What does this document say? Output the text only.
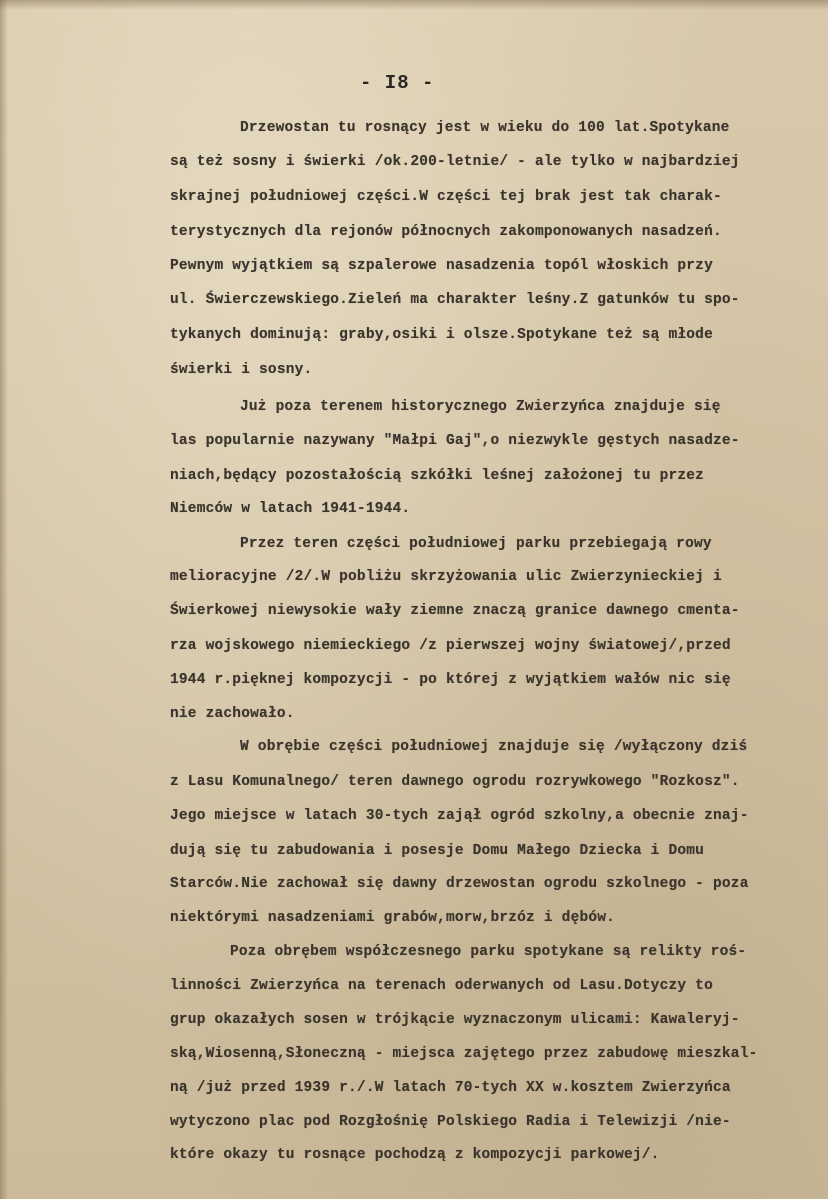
- I8 -
Drzewostan tu rosnący jest w wieku do 100 lat.Spotykane
są też sosny i świerki /ok.200-letnie/ - ale tylko w najbardziej
skrajnej południowej części.W części tej brak jest tak charak-
terystycznych dla rejonów północnych zakomponowanych nasadzeń.
Pewnym wyjątkiem są szpalerowe nasadzenia topól włoskich przy
ul. Świerczewskiego.Zieleń ma charakter leśny.Z gatunków tu spo-
tykanych dominują: graby,osiki i olsze.Spotykane też są młode
świerki i sosny.
Już poza terenem historycznego Zwierzyńca znajduje się
las popularnie nazywany "Małpi Gaj",o niezwykle gęstych nasadze-
niach,będący pozostałością szkółki leśnej założonej tu przez
Niemców w latach 1941-1944.
Przez teren części południowej parku przebiegają rowy
melioracyjne /2/.W pobliżu skrzyżowania ulic Zwierzynieckiej i
Świerkowej niewysokie wały ziemne znaczą granice dawnego cmenta-
rza wojskowego niemieckiego /z pierwszej wojny światowej/,przed
1944 r.pięknej kompozycji - po której z wyjątkiem wałów nic się
nie zachowało.
W obrębie części południowej znajduje się /wyłączony dziś
z Lasu Komunalnego/ teren dawnego ogrodu rozrywkowego "Rozkosz".
Jego miejsce w latach 30-tych zajął ogród szkolny,a obecnie znaj-
dują się tu zabudowania i posesje Domu Małego Dziecka i Domu
Starców.Nie zachował się dawny drzewostan ogrodu szkolnego - poza
niektórymi nasadzeniami grabów,morw,brzóz i dębów.
Poza obrębem współczesnego parku spotykane są relikty roś-
linności Zwierzyńca na terenach oderwanych od Lasu.Dotyczy to
grup okazałych sosen w trójkącie wyznaczonym ulicami: Kawaleryj-
ską,Wiosenną,Słoneczną - miejsca zajętego przez zabudowę mieszkal-
ną /już przed 1939 r./.W latach 70-tych XX w.kosztem Zwierzyńca
wytyczono plac pod Rozgłośnię Polskiego Radia i Telewizji /nie-
które okazy tu rosnące pochodzą z kompozycji parkowej/.
